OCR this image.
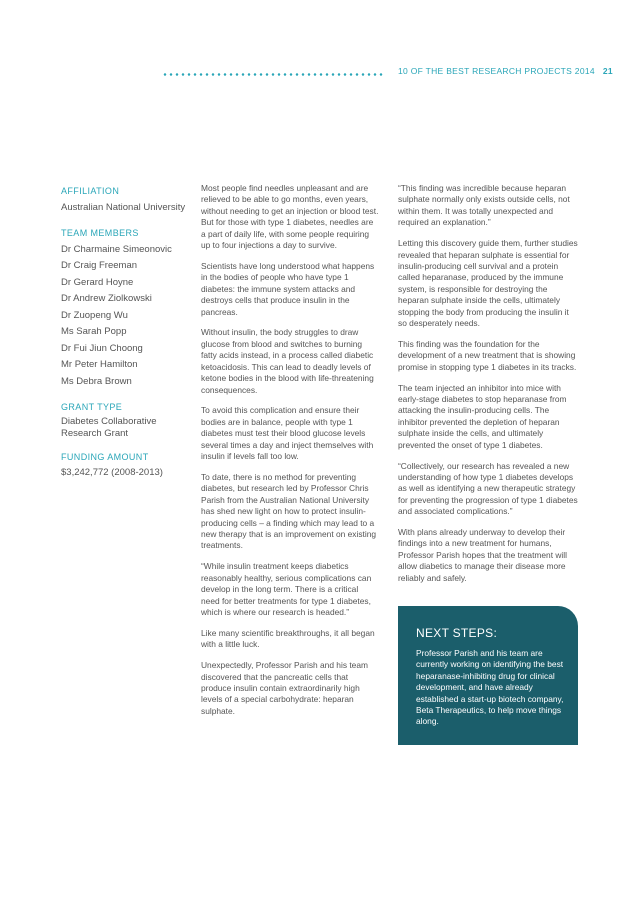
10 OF THE BEST RESEARCH PROJECTS 2014 21
AFFILIATION
Australian National University
TEAM MEMBERS
Dr Charmaine Simeonovic
Dr Craig Freeman
Dr Gerard Hoyne
Dr Andrew Ziolkowski
Dr Zuopeng Wu
Ms Sarah Popp
Dr Fui Jiun Choong
Mr Peter Hamilton
Ms Debra Brown
GRANT TYPE
Diabetes Collaborative Research Grant
FUNDING AMOUNT
$3,242,772 (2008-2013)

Most people find needles unpleasant and are relieved to be able to go months, even years, without needing to get an injection or blood test. But for those with type 1 diabetes, needles are a part of daily life, with some people requiring up to four injections a day to survive.

Scientists have long understood what happens in the bodies of people who have type 1 diabetes: the immune system attacks and destroys cells that produce insulin in the pancreas.

Without insulin, the body struggles to draw glucose from blood and switches to burning fatty acids instead, in a process called diabetic ketoacidosis. This can lead to deadly levels of ketone bodies in the blood with life-threatening consequences.

To avoid this complication and ensure their bodies are in balance, people with type 1 diabetes must test their blood glucose levels several times a day and inject themselves with insulin if levels fall too low.

To date, there is no method for preventing diabetes, but research led by Professor Chris Parish from the Australian National University has shed new light on how to protect insulin-producing cells – a finding which may lead to a new therapy that is an improvement on existing treatments.

“While insulin treatment keeps diabetics reasonably healthy, serious complications can develop in the long term. There is a critical need for better treatments for type 1 diabetes, which is where our research is headed.”

Like many scientific breakthroughs, it all began with a little luck.

Unexpectedly, Professor Parish and his team discovered that the pancreatic cells that produce insulin contain extraordinarily high levels of a special carbohydrate: heparan sulphate.

“This finding was incredible because heparan sulphate normally only exists outside cells, not within them. It was totally unexpected and required an explanation.”

Letting this discovery guide them, further studies revealed that heparan sulphate is essential for insulin-producing cell survival and a protein called heparanase, produced by the immune system, is responsible for destroying the heparan sulphate inside the cells, ultimately stopping the body from producing the insulin it so desperately needs.

This finding was the foundation for the development of a new treatment that is showing promise in stopping type 1 diabetes in its tracks.

The team injected an inhibitor into mice with early-stage diabetes to stop heparanase from attacking the insulin-producing cells. The inhibitor prevented the depletion of heparan sulphate inside the cells, and ultimately prevented the onset of type 1 diabetes.

“Collectively, our research has revealed a new understanding of how type 1 diabetes develops as well as identifying a new therapeutic strategy for preventing the progression of type 1 diabetes and associated complications.”

With plans already underway to develop their findings into a new treatment for humans, Professor Parish hopes that the treatment will allow diabetics to manage their disease more reliably and safely.

NEXT STEPS:
Professor Parish and his team are currently working on identifying the best heparanase-inhibiting drug for clinical development, and have already established a start-up biotech company, Beta Therapeutics, to help move things along.
